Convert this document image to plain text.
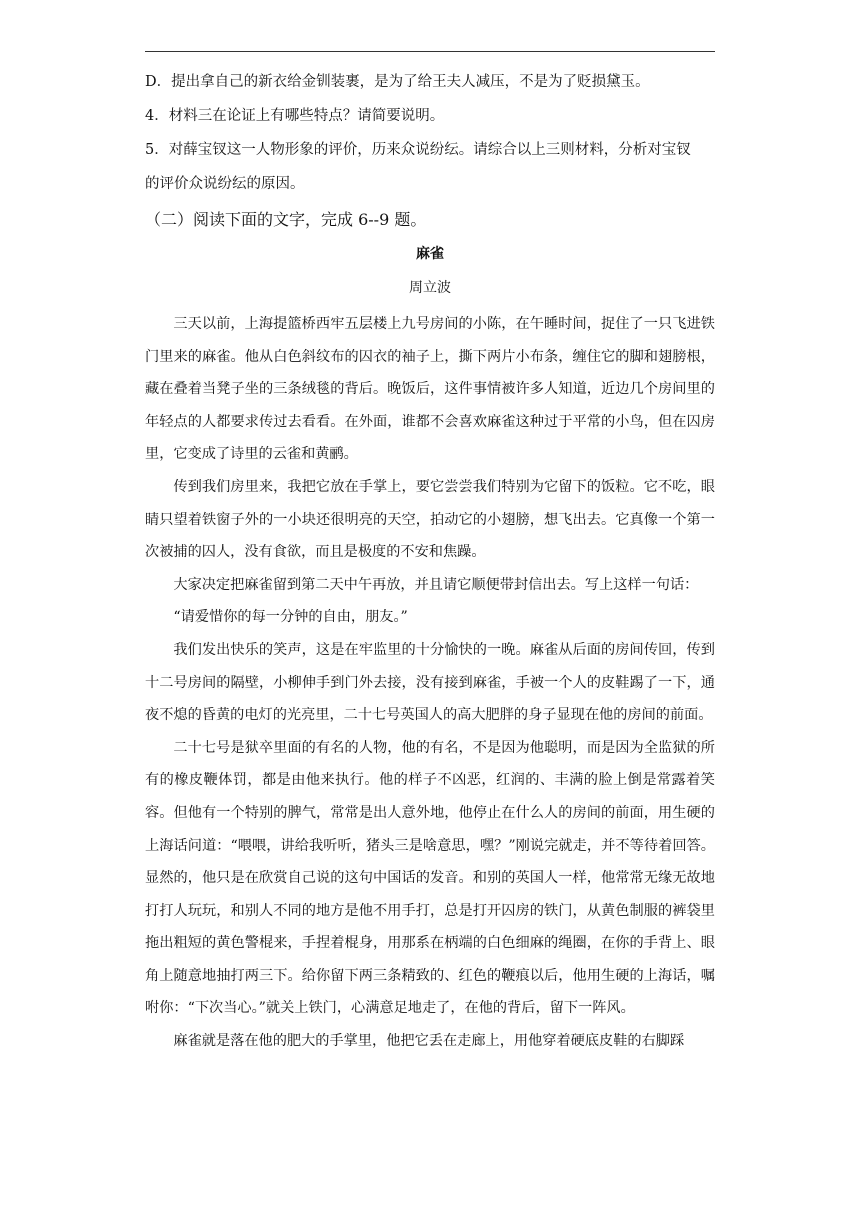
D．提出拿自己的新衣给金钏装裹，是为了给王夫人减压，不是为了贬损黛玉。
4．材料三在论证上有哪些特点？请简要说明。
5．对薛宝钗这一人物形象的评价，历来众说纷纭。请综合以上三则材料，分析对宝钗
的评价众说纷纭的原因。
（二）阅读下面的文字，完成 6--9 题。
麻雀
周立波

三天以前，上海提篮桥西牢五层楼上九号房间的小陈，在午睡时间，捉住了一只飞进铁门里来的麻雀。他从白色斜纹布的囚衣的袖子上，撕下两片小布条，缠住它的脚和翅膀根，藏在叠着当凳子坐的三条绒毯的背后。晚饭后，这件事情被许多人知道，近边几个房间里的年轻点的人都要求传过去看看。在外面，谁都不会喜欢麻雀这种过于平常的小鸟，但在囚房里，它变成了诗里的云雀和黄鹂。

传到我们房里来，我把它放在手掌上，要它尝尝我们特别为它留下的饭粒。它不吃，眼睛只望着铁窗子外的一小块还很明亮的天空，拍动它的小翅膀，想飞出去。它真像一个第一次被捕的囚人，没有食欲，而且是极度的不安和焦躁。

大家决定把麻雀留到第二天中午再放，并且请它顺便带封信出去。写上这样一句话：

“请爱惜你的每一分钟的自由，朋友。”

我们发出快乐的笑声，这是在牢监里的十分愉快的一晚。麻雀从后面的房间传回，传到十二号房间的隔壁，小柳伸手到门外去接，没有接到麻雀，手被一个人的皮鞋踢了一下，通夜不熄的昏黄的电灯的光亮里，二十七号英国人的高大肥胖的身子显现在他的房间的前面。

二十七号是狱卒里面的有名的人物，他的有名，不是因为他聪明，而是因为全监狱的所有的橡皮鞭体罚，都是由他来执行。他的样子不凶恶，红润的、丰满的脸上倒是常露着笑容。但他有一个特别的脾气，常常是出人意外地，他停止在什么人的房间的前面，用生硬的上海话问道：“喂喂，讲给我听听，猪头三是啥意思，嘿？”刚说完就走，并不等待着回答。显然的，他只是在欣赏自己说的这句中国话的发音。和别的英国人一样，他常常无缘无故地打打人玩玩，和别人不同的地方是他不用手打，总是打开囚房的铁门，从黄色制服的裤袋里拖出粗短的黄色警棍来，手捏着棍身，用那系在柄端的白色细麻的绳圈，在你的手背上、眼角上随意地抽打两三下。给你留下两三条精致的、红色的鞭痕以后，他用生硬的上海话，嘱咐你：“下次当心。”就关上铁门，心满意足地走了，在他的背后，留下一阵风。

麻雀就是落在他的肥大的手掌里，他把它丢在走廊上，用他穿着硬底皮鞋的右脚踩
